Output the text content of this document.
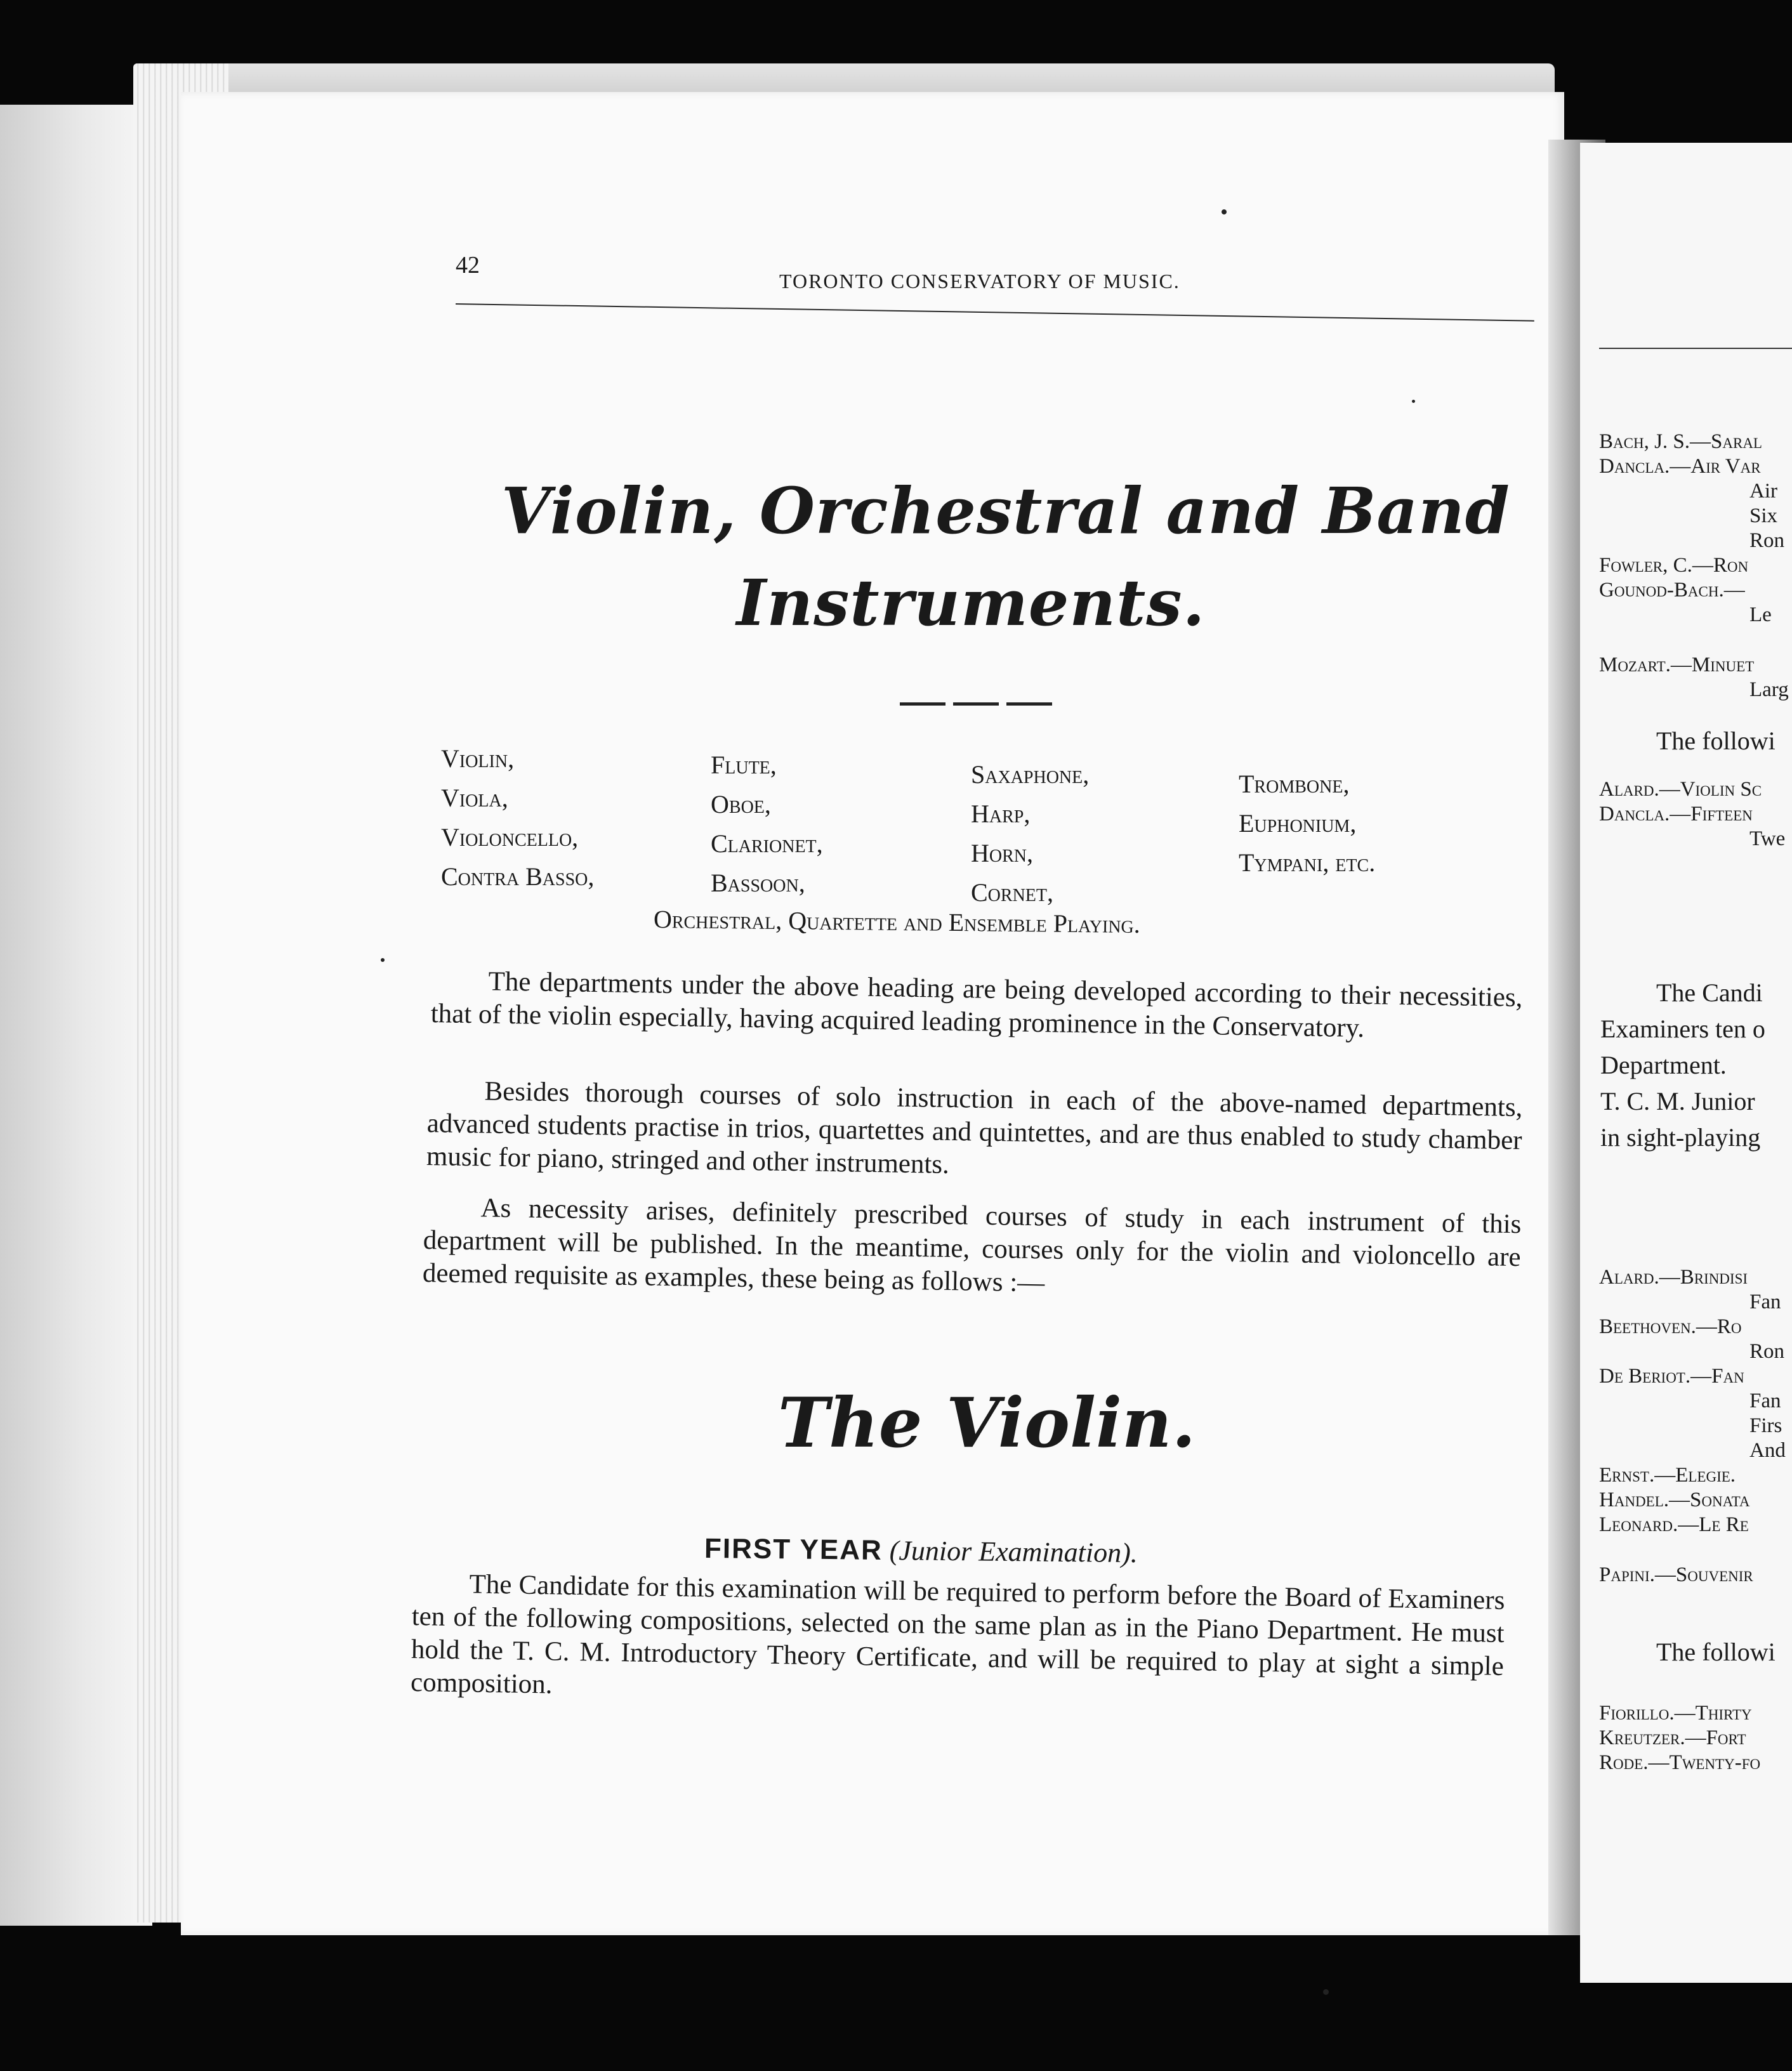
42
TORONTO CONSERVATORY OF MUSIC.
Violin, Orchestral and Band
Instruments.
Violin,
Viola,
Violoncello,
Contra Basso,
Flute,
Oboe,
Clarionet,
Bassoon,
Saxaphone,
Harp,
Horn,
Cornet,
Trombone,
Euphonium,
Tympani, etc.
Orchestral, Quartette and Ensemble Playing.
The departments under the above heading are being developed according to their necessities, that of the violin especially, having acquired leading prominence in the Conservatory.
Besides thorough courses of solo instruction in each of the above-named departments, advanced students practise in trios, quartettes and quintettes, and are thus enabled to study chamber music for piano, stringed and other instruments.
As necessity arises, definitely prescribed courses of study in each instrument of this department will be published. In the meantime, courses only for the violin and violoncello are deemed requisite as examples, these being as follows :—
The Violin.
FIRST YEAR (Junior Examination).
The Candidate for this examination will be required to perform before the Board of Examiners ten of the following compositions, selected on the same plan as in the Piano Department. He must hold the T. C. M. Introductory Theory Certificate, and will be required to play at sight a simple composition.
Bach, J. S.—Saral
Dancla.—Air Var
Air
Six
Ron
Fowler, C.—Ron
Gounod-Bach.—
Le
Mozart.—Minuet
Larg
The followi
Alard.—Violin Sc
Dancla.—Fifteen
Twe
The Candi
Examiners ten o
Department.
T. C. M. Junior
in sight-playing
Alard.—Brindisi
Fan
Beethoven.—Ro
Ron
De Beriot.—Fan
Fan
Firs
And
Ernst.—Elegie.
Handel.—Sonata
Leonard.—Le Re
Papini.—Souvenir
The followi
Fiorillo.—Thirty
Kreutzer.—Fort
Rode.—Twenty-fo
